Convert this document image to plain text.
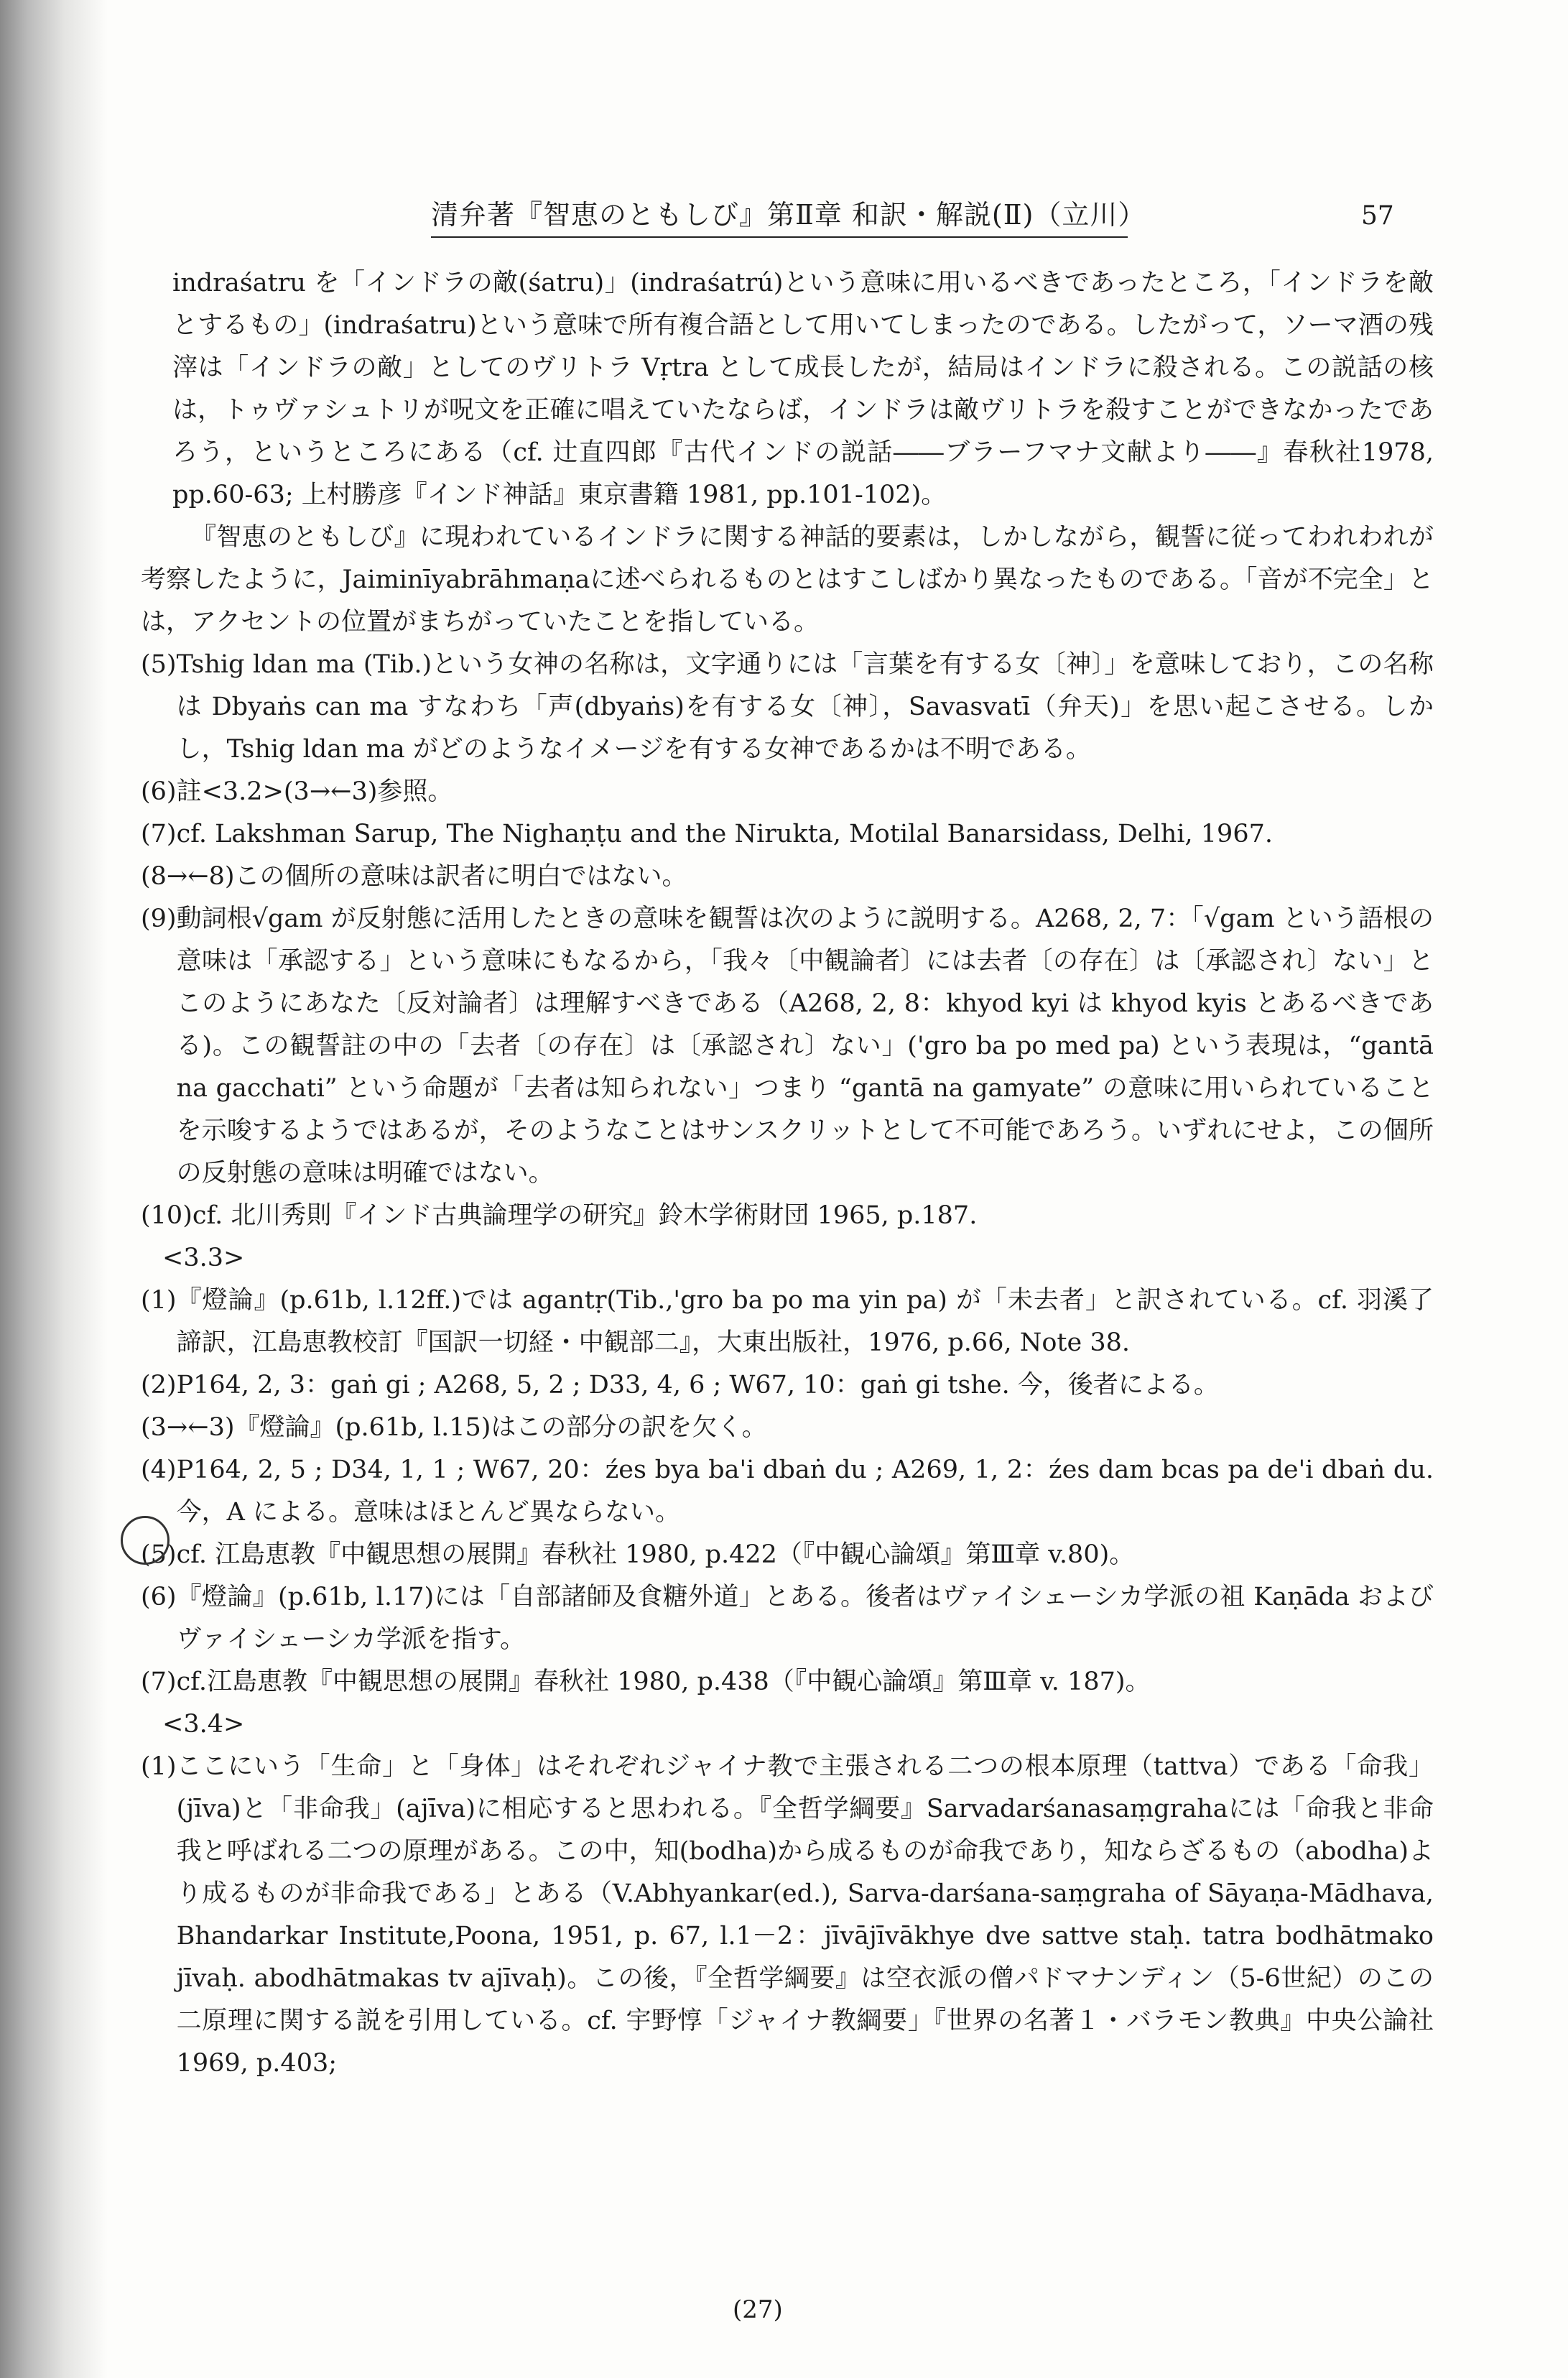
清弁著『智恵のともしび』第Ⅱ章 和訳・解説(Ⅱ)（立川）	57

indraśatru を「インドラの敵(śatru)」(indraśatrú)という意味に用いるべきであったところ，「インドラを敵とするもの」(indraśatru)という意味で所有複合語として用いてしまったのである。したがって，ソーマ酒の残滓は「インドラの敵」としてのヴリトラ Vṛtra として成長したが，結局はインドラに殺される。この説話の核は，トゥヴァシュトリが呪文を正確に唱えていたならば，インドラは敵ヴリトラを殺すことができなかったであろう，というところにある（cf. 辻直四郎『古代インドの説話――ブラーフマナ文献より――』春秋社1978, pp.60-63; 上村勝彦『インド神話』東京書籍 1981, pp.101-102)。

『智恵のともしび』に現われているインドラに関する神話的要素は，しかしながら，観誓に従ってわれわれが考察したように，Jaiminīyabrāhmaṇaに述べられるものとはすこしばかり異なったものである。「音が不完全」とは，アクセントの位置がまちがっていたことを指している。

(5) Tshig ldan ma (Tib.)という女神の名称は，文字通りには「言葉を有する女〔神〕」を意味しており，この名称は Dbyaṅs can ma すなわち「声(dbyaṅs)を有する女〔神〕，Savasvatī（弁天)」を思い起こさせる。しかし，Tshig ldan ma がどのようなイメージを有する女神であるかは不明である。
(6) 註<3.2>(3→←3)参照。
(7) cf. Lakshman Sarup, The Nighaṇṭu and the Nirukta, Motilal Banarsidass, Delhi, 1967.
(8→←8) この個所の意味は訳者に明白ではない。
(9) 動詞根√gam が反射態に活用したときの意味を観誓は次のように説明する。A268, 2, 7：「√gam という語根の意味は「承認する」という意味にもなるから，「我々〔中観論者〕には去者〔の存在〕は〔承認され〕ない」とこのようにあなた〔反対論者〕は理解すべきである（A268, 2, 8：khyod kyi は khyod kyis とあるべきである)。この観誓註の中の「去者〔の存在〕は〔承認され〕ない」('gro ba po med pa) という表現は，“gantā na gacchati” という命題が「去者は知られない」つまり “gantā na gamyate” の意味に用いられていることを示唆するようではあるが，そのようなことはサンスクリットとして不可能であろう。いずれにせよ，この個所の反射態の意味は明確ではない。
(10) cf. 北川秀則『インド古典論理学の研究』鈴木学術財団 1965, p.187.

<3.3>

(1) 『燈論』(p.61b, l.12ff.)では agantṛ(Tib.,'gro ba po ma yin pa) が「未去者」と訳されている。cf. 羽溪了諦訳，江島恵教校訂『国訳一切経・中観部二』，大東出版社，1976, p.66, Note 38.
(2) P164, 2, 3：gaṅ gi ; A268, 5, 2 ; D33, 4, 6 ; W67, 10：gaṅ gi tshe. 今，後者による。
(3→←3) 『燈論』(p.61b, l.15)はこの部分の訳を欠く。
(4) P164, 2, 5 ; D34, 1, 1 ; W67, 20：źes bya ba'i dbaṅ du ; A269, 1, 2：źes dam bcas pa de'i dbaṅ du. 今，A による。意味はほとんど異ならない。
(5) cf. 江島恵教『中観思想の展開』春秋社 1980, p.422（『中観心論頌』第Ⅲ章 v.80)。
(6) 『燈論』(p.61b, l.17)には「自部諸師及食糖外道」とある。後者はヴァイシェーシカ学派の祖 Kaṇāda およびヴァイシェーシカ学派を指す。
(7) cf.江島恵教『中観思想の展開』春秋社 1980, p.438（『中観心論頌』第Ⅲ章 v. 187)。

<3.4>

(1) ここにいう「生命」と「身体」はそれぞれジャイナ教で主張される二つの根本原理（tattva）である「命我」(jīva)と「非命我」(ajīva)に相応すると思われる。『全哲学綱要』Sarvadarśanasaṃgrahaには「命我と非命我と呼ばれる二つの原理がある。この中，知(bodha)から成るものが命我であり，知ならざるもの（abodha)より成るものが非命我である」とある（V.Abhyankar(ed.), Sarva-darśana-saṃgraha of Sāyaṇa-Mādhava, Bhandarkar Institute,Poona, 1951, p. 67, l.1－2：jīvājīvākhye dve sattve staḥ. tatra bodhātmako jīvaḥ. abodhātmakas tv ajīvaḥ)。この後，『全哲学綱要』は空衣派の僧パドマナンディン（5-6世紀）のこの二原理に関する説を引用している。cf. 宇野惇「ジャイナ教綱要」『世界の名著１・バラモン教典』中央公論社1969, p.403;
(27)
